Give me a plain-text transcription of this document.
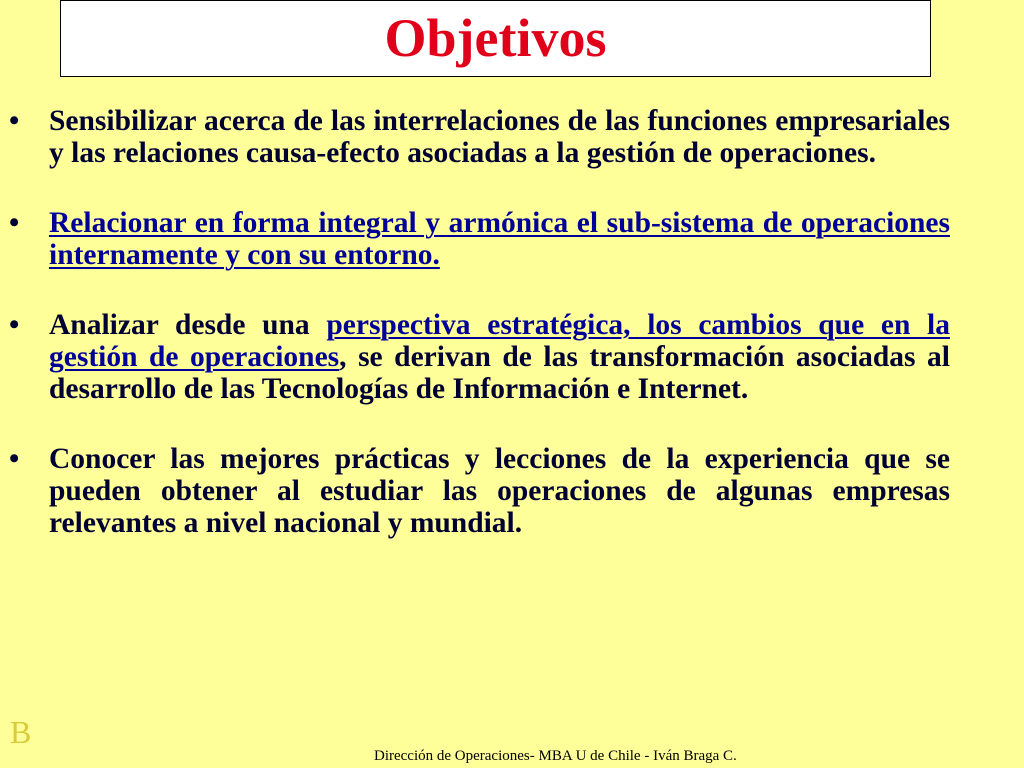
Objetivos
• Sensibilizar acerca de las interrelaciones de las funciones empresariales y las relaciones causa-efecto asociadas a la gestión de operaciones.
• Relacionar en forma integral y armónica el sub-sistema de operaciones internamente y con su entorno.
• Analizar desde una perspectiva estratégica, los cambios que en la gestión de operaciones, se derivan de las transformación asociadas al desarrollo de las Tecnologías de Información e Internet.
• Conocer las mejores prácticas y lecciones de la experiencia que se pueden obtener al estudiar las operaciones de algunas empresas relevantes a nivel nacional y mundial.
B
Dirección de Operaciones- MBA U de Chile - Iván Braga C.
